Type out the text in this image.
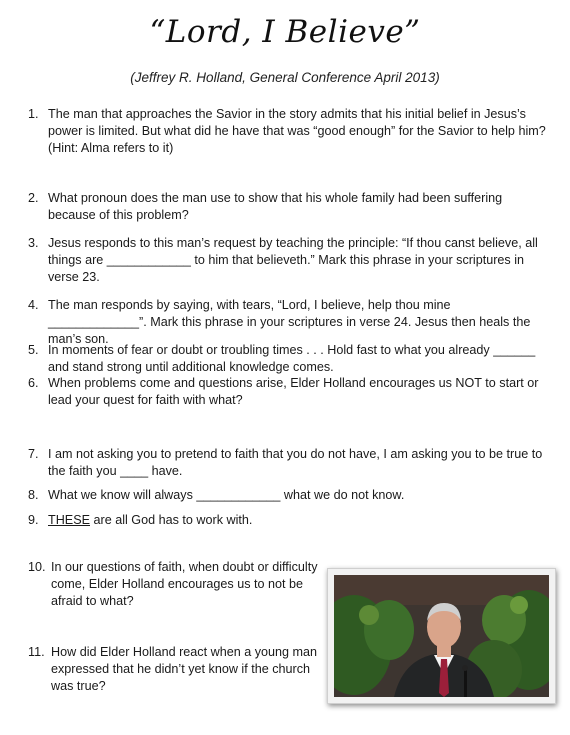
“Lord, I Believe”
(Jeffrey R. Holland, General Conference April 2013)
1. The man that approaches the Savior in the story admits that his initial belief in Jesus’s power is limited. But what did he have that was “good enough” for the Savior to help him? (Hint: Alma refers to it)
2. What pronoun does the man use to show that his whole family had been suffering because of this problem?
3. Jesus responds to this man’s request by teaching the principle: “If thou canst believe, all things are ____________ to him that believeth.” Mark this phrase in your scriptures in verse 23.
4. The man responds by saying, with tears, “Lord, I believe, help thou mine _____________”. Mark this phrase in your scriptures in verse 24. Jesus then heals the man’s son.
5. In moments of fear or doubt or troubling times . . . Hold fast to what you already ______ and stand strong until additional knowledge comes.
6. When problems come and questions arise, Elder Holland encourages us NOT to start or lead your quest for faith with what?
7. I am not asking you to pretend to faith that you do not have, I am asking you to be true to the faith you ____ have.
8. What we know will always ____________ what we do not know.
9. THESE are all God has to work with.
10. In our questions of faith, when doubt or difficulty come, Elder Holland encourages us to not be afraid to what?
11. How did Elder Holland react when a young man expressed that he didn’t yet know if the church was true?
